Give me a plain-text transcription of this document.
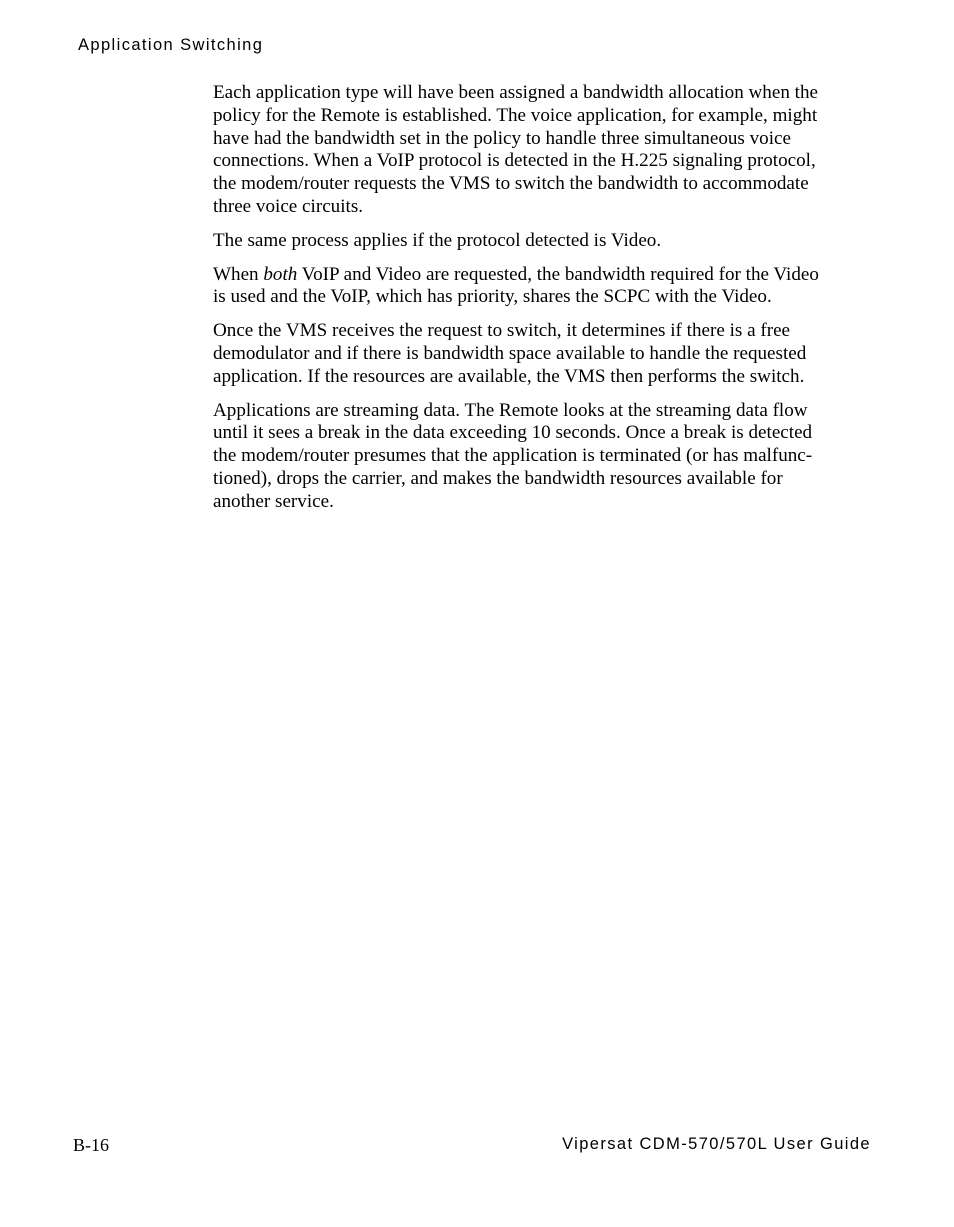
Application Switching

Each application type will have been assigned a bandwidth allocation when the
policy for the Remote is established. The voice application, for example, might
have had the bandwidth set in the policy to handle three simultaneous voice
connections. When a VoIP protocol is detected in the H.225 signaling protocol,
the modem/router requests the VMS to switch the bandwidth to accommodate
three voice circuits.

The same process applies if the protocol detected is Video.

When both VoIP and Video are requested, the bandwidth required for the Video
is used and the VoIP, which has priority, shares the SCPC with the Video.

Once the VMS receives the request to switch, it determines if there is a free
demodulator and if there is bandwidth space available to handle the requested
application. If the resources are available, the VMS then performs the switch.

Applications are streaming data. The Remote looks at the streaming data flow
until it sees a break in the data exceeding 10 seconds. Once a break is detected
the modem/router presumes that the application is terminated (or has malfunc-
tioned), drops the carrier, and makes the bandwidth resources available for
another service.

B-16	Vipersat CDM-570/570L User Guide
